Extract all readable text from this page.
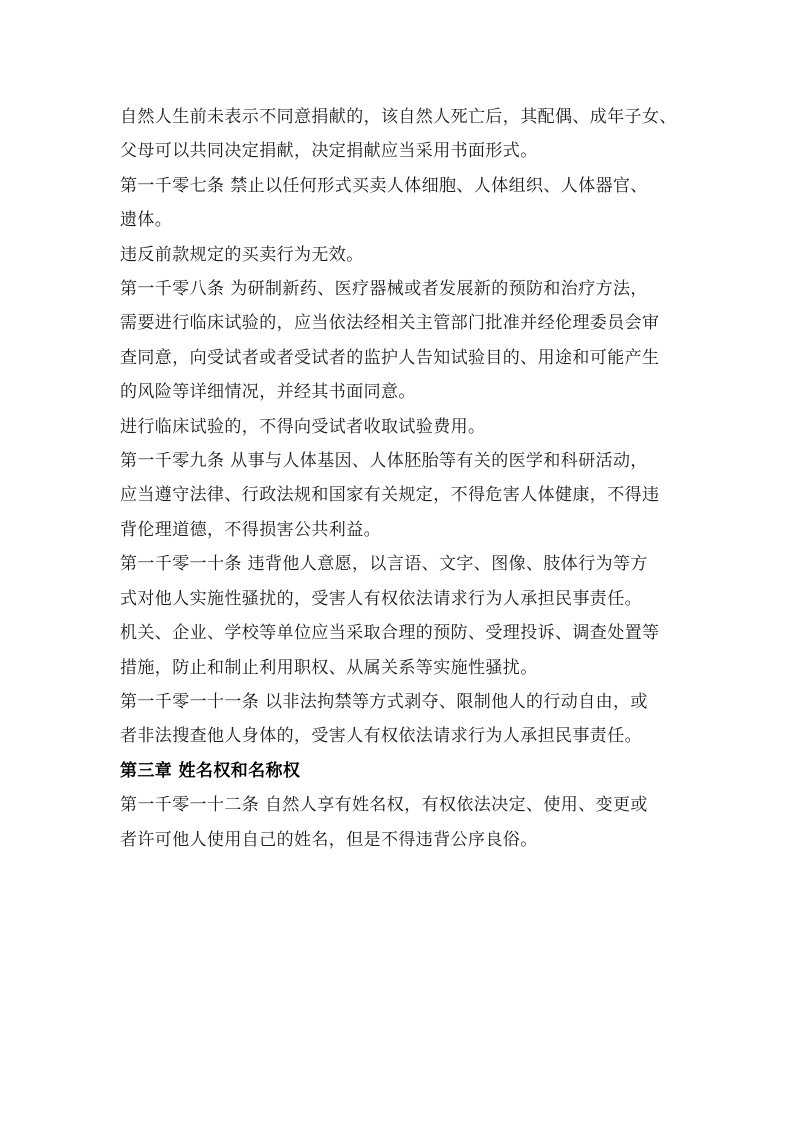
自然人生前未表示不同意捐献的，该自然人死亡后，其配偶、成年子女、
父母可以共同决定捐献，决定捐献应当采用书面形式。
第一千零七条 禁止以任何形式买卖人体细胞、人体组织、人体器官、
遗体。
违反前款规定的买卖行为无效。
第一千零八条 为研制新药、医疗器械或者发展新的预防和治疗方法，
需要进行临床试验的，应当依法经相关主管部门批准并经伦理委员会审
查同意，向受试者或者受试者的监护人告知试验目的、用途和可能产生
的风险等详细情况，并经其书面同意。
进行临床试验的，不得向受试者收取试验费用。
第一千零九条 从事与人体基因、人体胚胎等有关的医学和科研活动，
应当遵守法律、行政法规和国家有关规定，不得危害人体健康，不得违
背伦理道德，不得损害公共利益。
第一千零一十条 违背他人意愿，以言语、文字、图像、肢体行为等方
式对他人实施性骚扰的，受害人有权依法请求行为人承担民事责任。
机关、企业、学校等单位应当采取合理的预防、受理投诉、调查处置等
措施，防止和制止利用职权、从属关系等实施性骚扰。
第一千零一十一条 以非法拘禁等方式剥夺、限制他人的行动自由，或
者非法搜查他人身体的，受害人有权依法请求行为人承担民事责任。
第三章 姓名权和名称权
第一千零一十二条 自然人享有姓名权，有权依法决定、使用、变更或
者许可他人使用自己的姓名，但是不得违背公序良俗。
